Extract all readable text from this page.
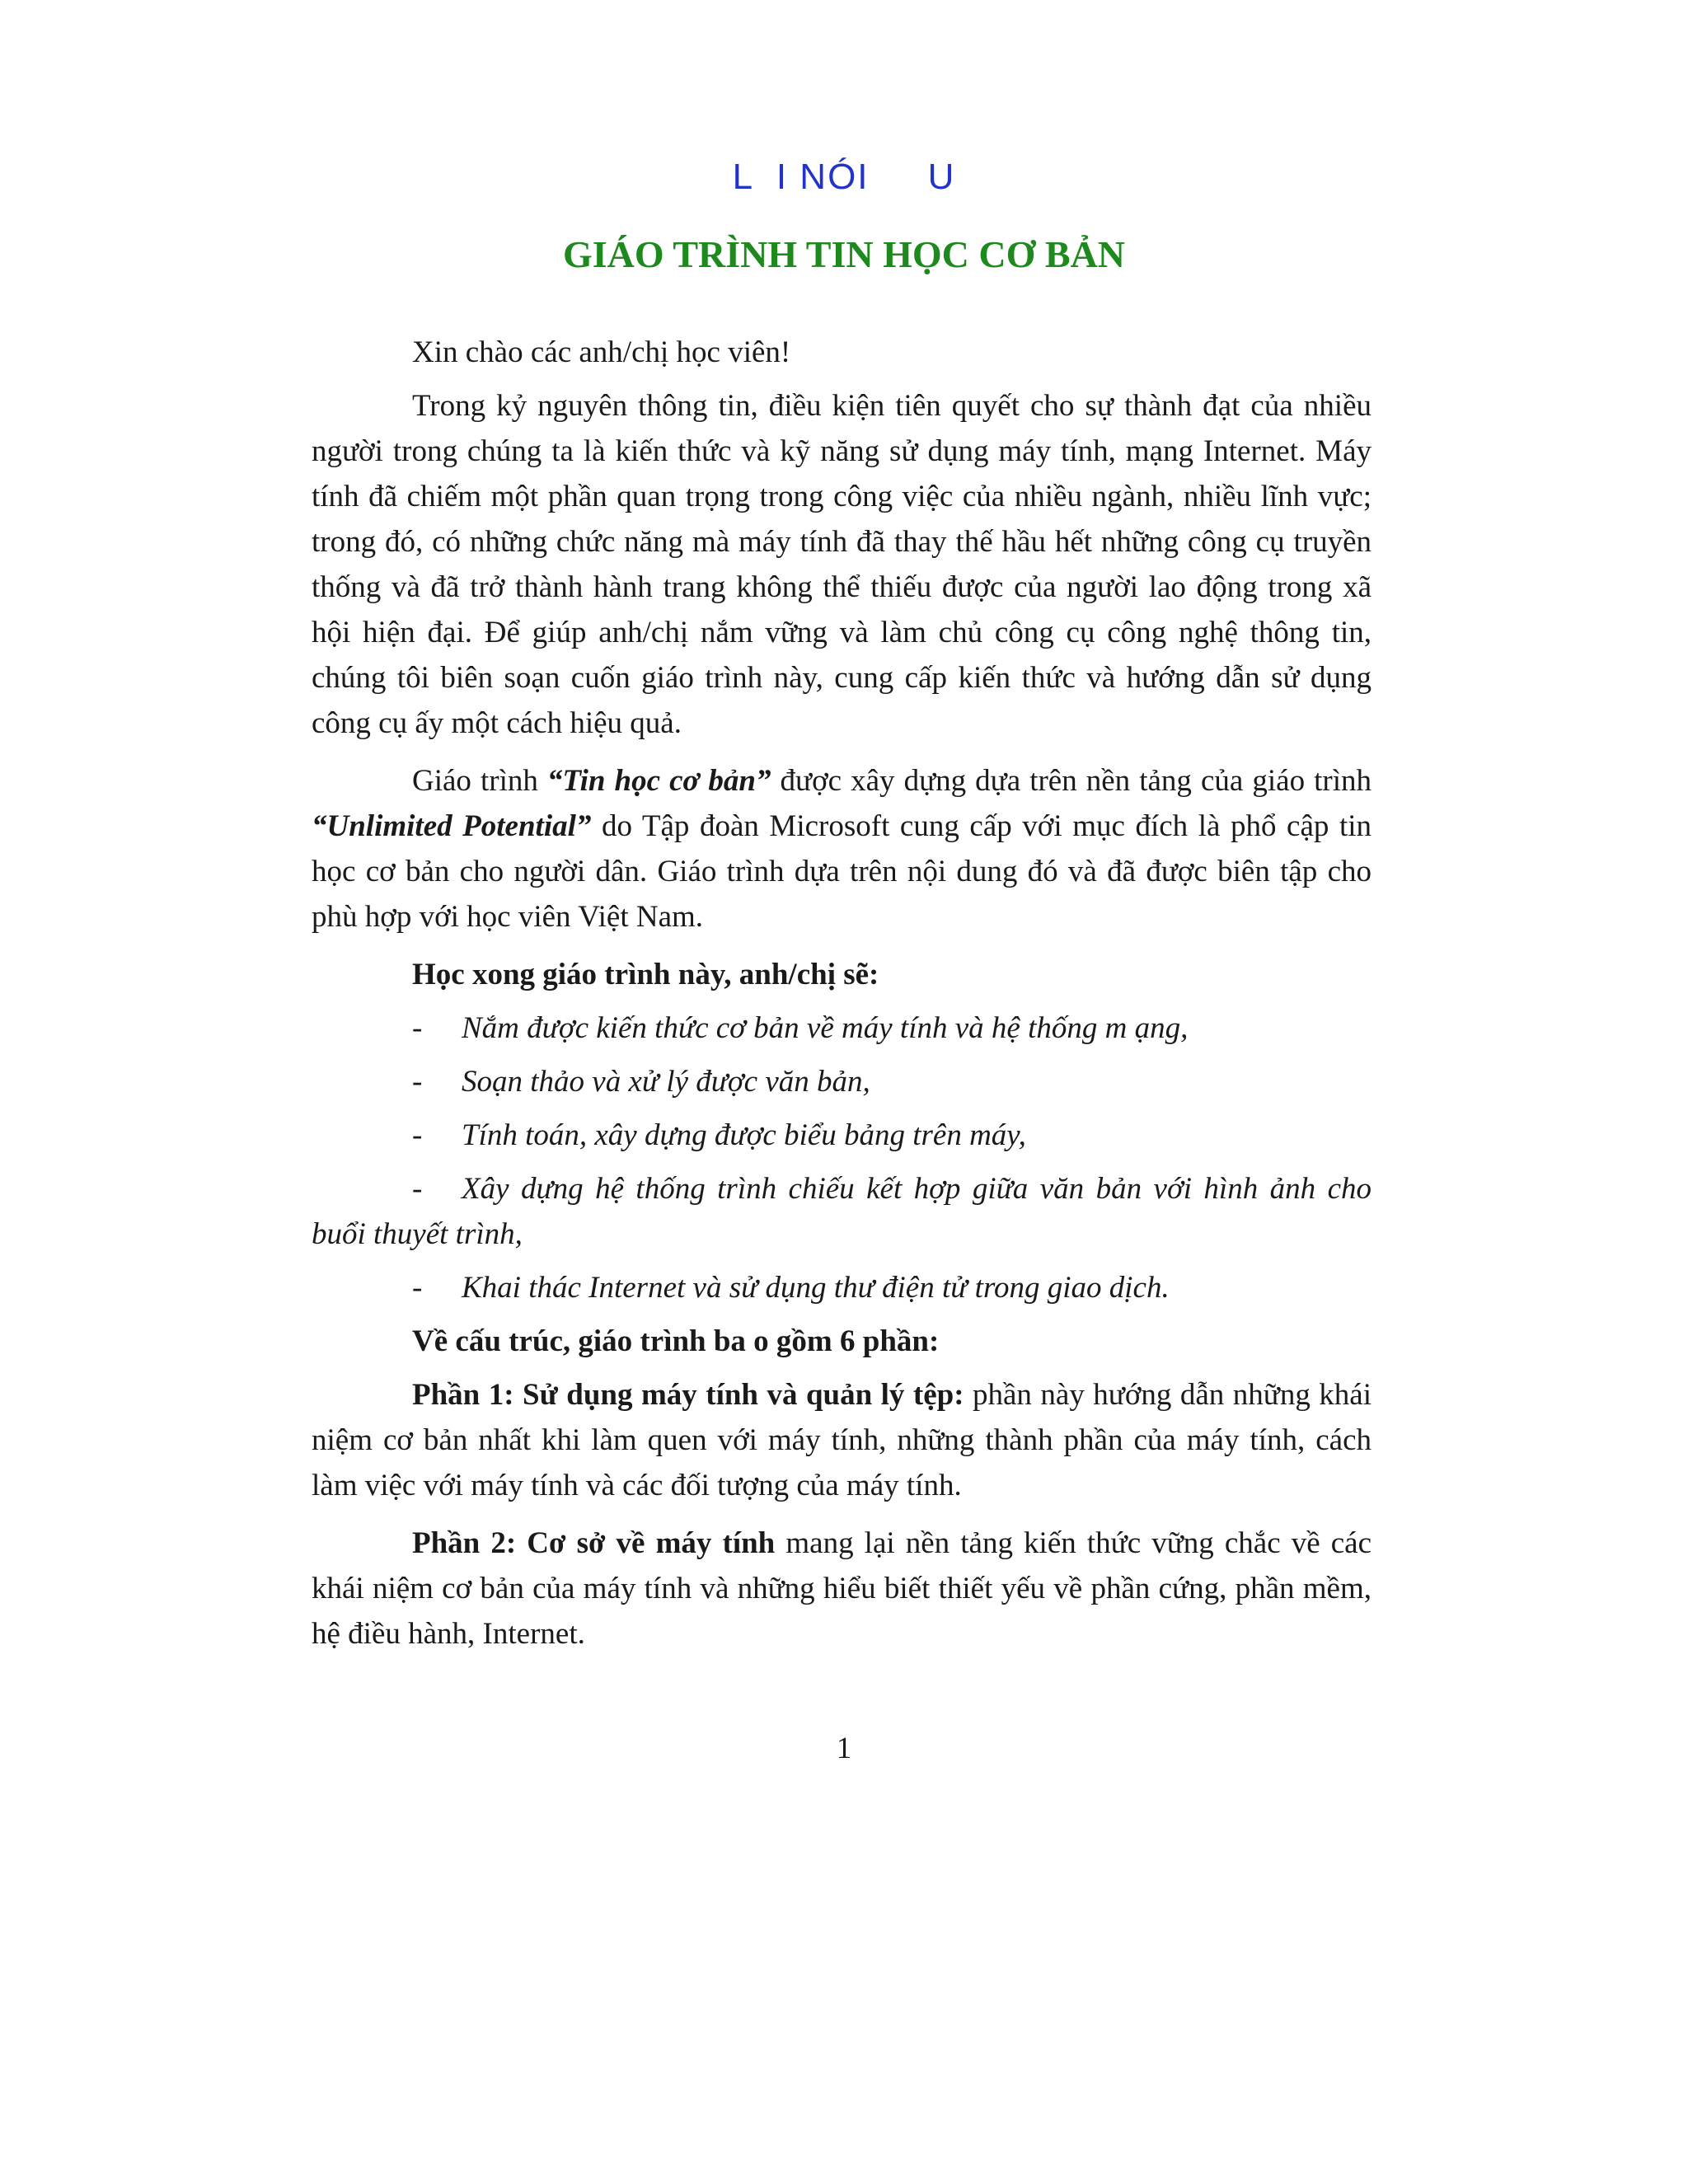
L  I NÓI     U
GIÁO TRÌNH TIN HỌC CƠ BẢN

Xin chào các anh/chị học viên!

Trong kỷ nguyên thông tin, điều kiện tiên quyết cho sự thành đạt của nhiều người trong chúng ta là kiến thức và kỹ năng sử dụng máy tính, mạng Internet. Máy tính đã chiếm một phần quan trọng trong công việc của nhiều ngành, nhiều lĩnh vực; trong đó, có những chức năng mà máy tính đã thay thế hầu hết những công cụ truyền thống và đã trở thành hành trang không thể thiếu được của người lao động trong xã hội hiện đại. Để giúp anh/chị nắm vững và làm chủ công cụ công nghệ thông tin, chúng tôi biên soạn cuốn giáo trình này, cung cấp kiến thức và hướng dẫn sử dụng công cụ ấy một cách hiệu quả.

Giáo trình “Tin học cơ bản” được xây dựng dựa trên nền tảng của giáo trình “Unlimited Potential” do Tập đoàn Microsoft cung cấp với mục đích là phổ cập tin học cơ bản cho người dân. Giáo trình dựa trên nội dung đó và đã được biên tập cho phù hợp với học viên Việt Nam.

Học xong giáo trình này, anh/chị sẽ:

- Nắm được kiến thức cơ bản về máy tính và hệ thống m ạng,

- Soạn thảo và xử lý được văn bản,

- Tính toán, xây dựng được biểu bảng trên máy,

- Xây dựng hệ thống trình chiếu kết hợp giữa văn bản với hình ảnh cho buổi thuyết trình,

- Khai thác Internet và sử dụng thư điện tử trong giao dịch.

Về cấu trúc, giáo trình ba o gồm 6 phần:

Phần 1: Sử dụng máy tính và quản lý tệp: phần này hướng dẫn những khái niệm cơ bản nhất khi làm quen với máy tính, những thành phần của máy tính, cách làm việc với máy tính và các đối tượng của máy tính.

Phần 2: Cơ sở về máy tính mang lại nền tảng kiến thức vững chắc về các khái niệm cơ bản của máy tính và những hiểu biết thiết yếu về phần cứng, phần mềm, hệ điều hành, Internet.

1
